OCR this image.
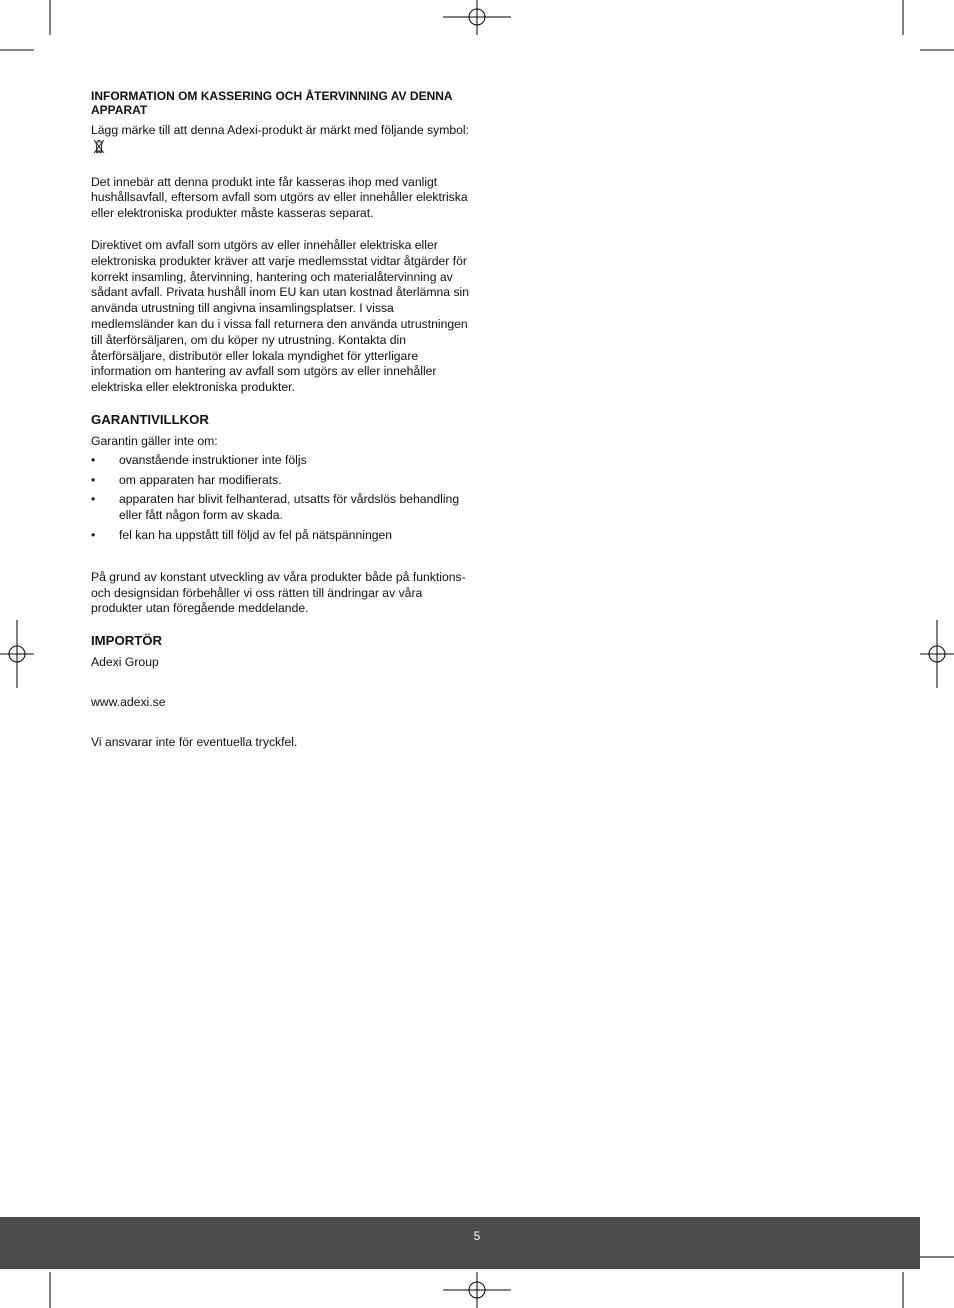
INFORMATION OM KASSERING OCH ÅTERVINNING AV DENNA APPARAT

Lägg märke till att denna Adexi-produkt är märkt med följande symbol:

Det innebär att denna produkt inte får kasseras ihop med vanligt hushållsavfall, eftersom avfall som utgörs av eller innehåller elektriska eller elektroniska produkter måste kasseras separat.

Direktivet om avfall som utgörs av eller innehåller elektriska eller elektroniska produkter kräver att varje medlemsstat vidtar åtgärder för korrekt insamling, återvinning, hantering och materialåtervinning av sådant avfall. Privata hushåll inom EU kan utan kostnad återlämna sin använda utrustning till angivna insamlingsplatser. I vissa medlemsländer kan du i vissa fall returnera den använda utrustningen till återförsäljaren, om du köper ny utrustning. Kontakta din återförsäljare, distributör eller lokala myndighet för ytterligare information om hantering av avfall som utgörs av eller innehåller elektriska eller elektroniska produkter.

GARANTIVILLKOR

Garantin gäller inte om:

• ovanstående instruktioner inte följs
• om apparaten har modifierats.
• apparaten har blivit felhanterad, utsatts för vårdslös behandling eller fått någon form av skada.
• fel kan ha uppstått till följd av fel på nätspänningen

På grund av konstant utveckling av våra produkter både på funktions- och designsidan förbehåller vi oss rätten till ändringar av våra produkter utan föregående meddelande.

IMPORTÖR

Adexi Group

www.adexi.se

Vi ansvarar inte för eventuella tryckfel.

5
